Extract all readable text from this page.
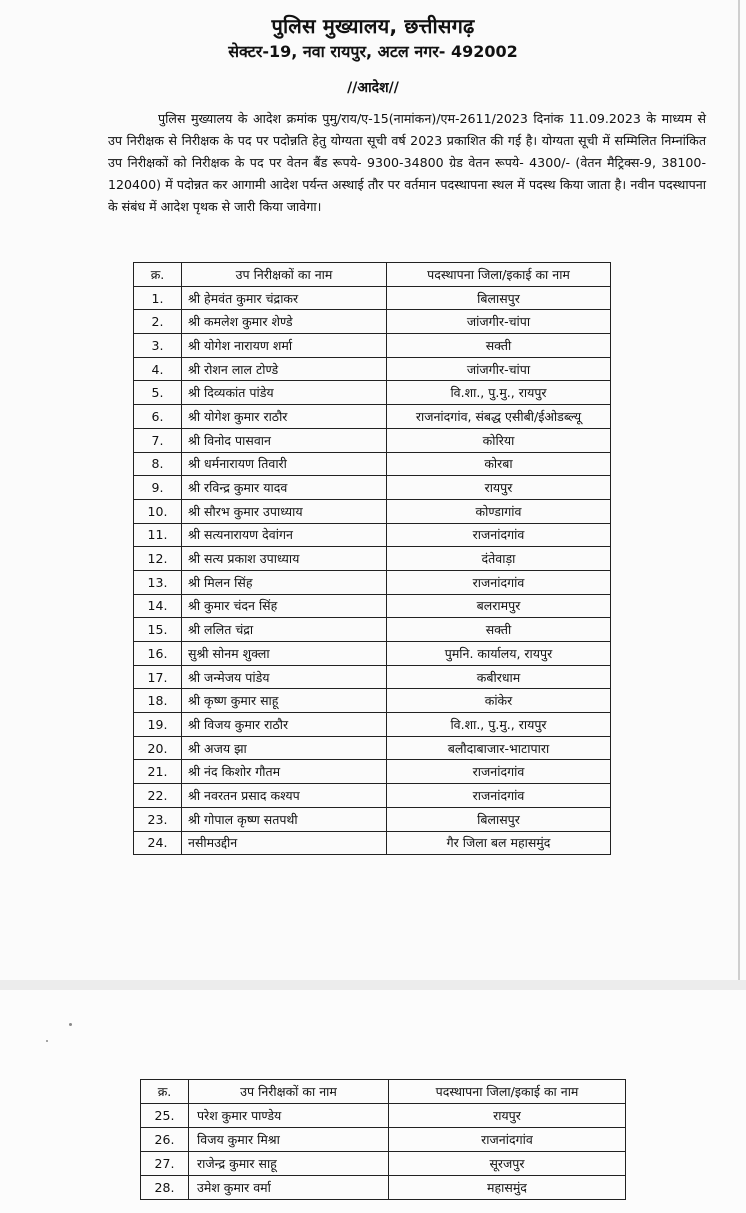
पुलिस मुख्यालय, छत्तीसगढ़
सेक्टर-19, नवा रायपुर, अटल नगर- 492002
//आदेश//
पुलिस मुख्यालय के आदेश क्रमांक पुमु/राय/ए-15(नामांकन)/एम-2611/2023 दिनांक 11.09.2023 के माध्यम से उप निरीक्षक से निरीक्षक के पद पर पदोन्नति हेतु योग्यता सूची वर्ष 2023 प्रकाशित की गई है। योग्यता सूची में सम्मिलित निम्नांकित उप निरीक्षकों को निरीक्षक के पद पर वेतन बैंड रूपये- 9300-34800 ग्रेड वेतन रूपये- 4300/- (वेतन मैट्रिक्स-9, 38100-120400) में पदोन्नत कर आगामी आदेश पर्यन्त अस्थाई तौर पर वर्तमान पदस्थापना स्थल में पदस्थ किया जाता है। नवीन पदस्थापना के संबंध में आदेश पृथक से जारी किया जावेगा।
क्र.	उप निरीक्षकों का नाम	पदस्थापना जिला/इकाई का नाम
1.	श्री हेमवंत कुमार चंद्राकर	बिलासपुर
2.	श्री कमलेश कुमार शेण्डे	जांजगीर-चांपा
3.	श्री योगेश नारायण शर्मा	सक्ती
4.	श्री रोशन लाल टोण्डे	जांजगीर-चांपा
5.	श्री दिव्यकांत पांडेय	वि.शा., पु.मु., रायपुर
6.	श्री योगेश कुमार राठौर	राजनांदगांव, संबद्ध एसीबी/ईओडब्ल्यू
7.	श्री विनोद पासवान	कोरिया
8.	श्री धर्मनारायण तिवारी	कोरबा
9.	श्री रविन्द्र कुमार यादव	रायपुर
10.	श्री सौरभ कुमार उपाध्याय	कोण्डागांव
11.	श्री सत्यनारायण देवांगन	राजनांदगांव
12.	श्री सत्य प्रकाश उपाध्याय	दंतेवाड़ा
13.	श्री मिलन सिंह	राजनांदगांव
14.	श्री कुमार चंदन सिंह	बलरामपुर
15.	श्री ललित चंद्रा	सक्ती
16.	सुश्री सोनम शुक्ला	पुमनि. कार्यालय, रायपुर
17.	श्री जन्मेजय पांडेय	कबीरधाम
18.	श्री कृष्ण कुमार साहू	कांकेर
19.	श्री विजय कुमार राठौर	वि.शा., पु.मु., रायपुर
20.	श्री अजय झा	बलौदाबाजार-भाटापारा
21.	श्री नंद किशोर गौतम	राजनांदगांव
22.	श्री नवरतन प्रसाद कश्यप	राजनांदगांव
23.	श्री गोपाल कृष्ण सतपथी	बिलासपुर
24.	नसीमउद्दीन	गैर जिला बल महासमुंद
क्र.	उप निरीक्षकों का नाम	पदस्थापना जिला/इकाई का नाम
25.	परेश कुमार पाण्डेय	रायपुर
26.	विजय कुमार मिश्रा	राजनांदगांव
27.	राजेन्द्र कुमार साहू	सूरजपुर
28.	उमेश कुमार वर्मा	महासमुंद
